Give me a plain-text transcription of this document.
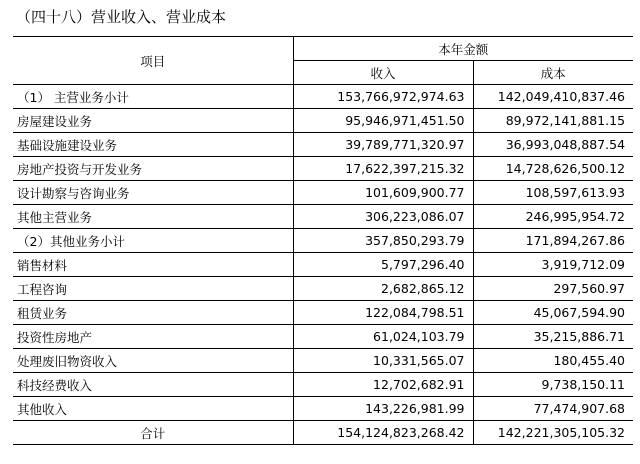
（四十八）营业收入、营业成本
项目	本年金额	
	收入	成本
（1） 主营业务小计	153,766,972,974.63	142,049,410,837.46
房屋建设业务	95,946,971,451.50	89,972,141,881.15
基础设施建设业务	39,789,771,320.97	36,993,048,887.54
房地产投资与开发业务	17,622,397,215.32	14,728,626,500.12
设计勘察与咨询业务	101,609,900.77	108,597,613.93
其他主营业务	306,223,086.07	246,995,954.72
（2）其他业务小计	357,850,293.79	171,894,267.86
销售材料	5,797,296.40	3,919,712.09
工程咨询	2,682,865.12	297,560.97
租赁业务	122,084,798.51	45,067,594.90
投资性房地产	61,024,103.79	35,215,886.71
处理废旧物资收入	10,331,565.07	180,455.40
科技经费收入	12,702,682.91	9,738,150.11
其他收入	143,226,981.99	77,474,907.68
合计	154,124,823,268.42	142,221,305,105.32
